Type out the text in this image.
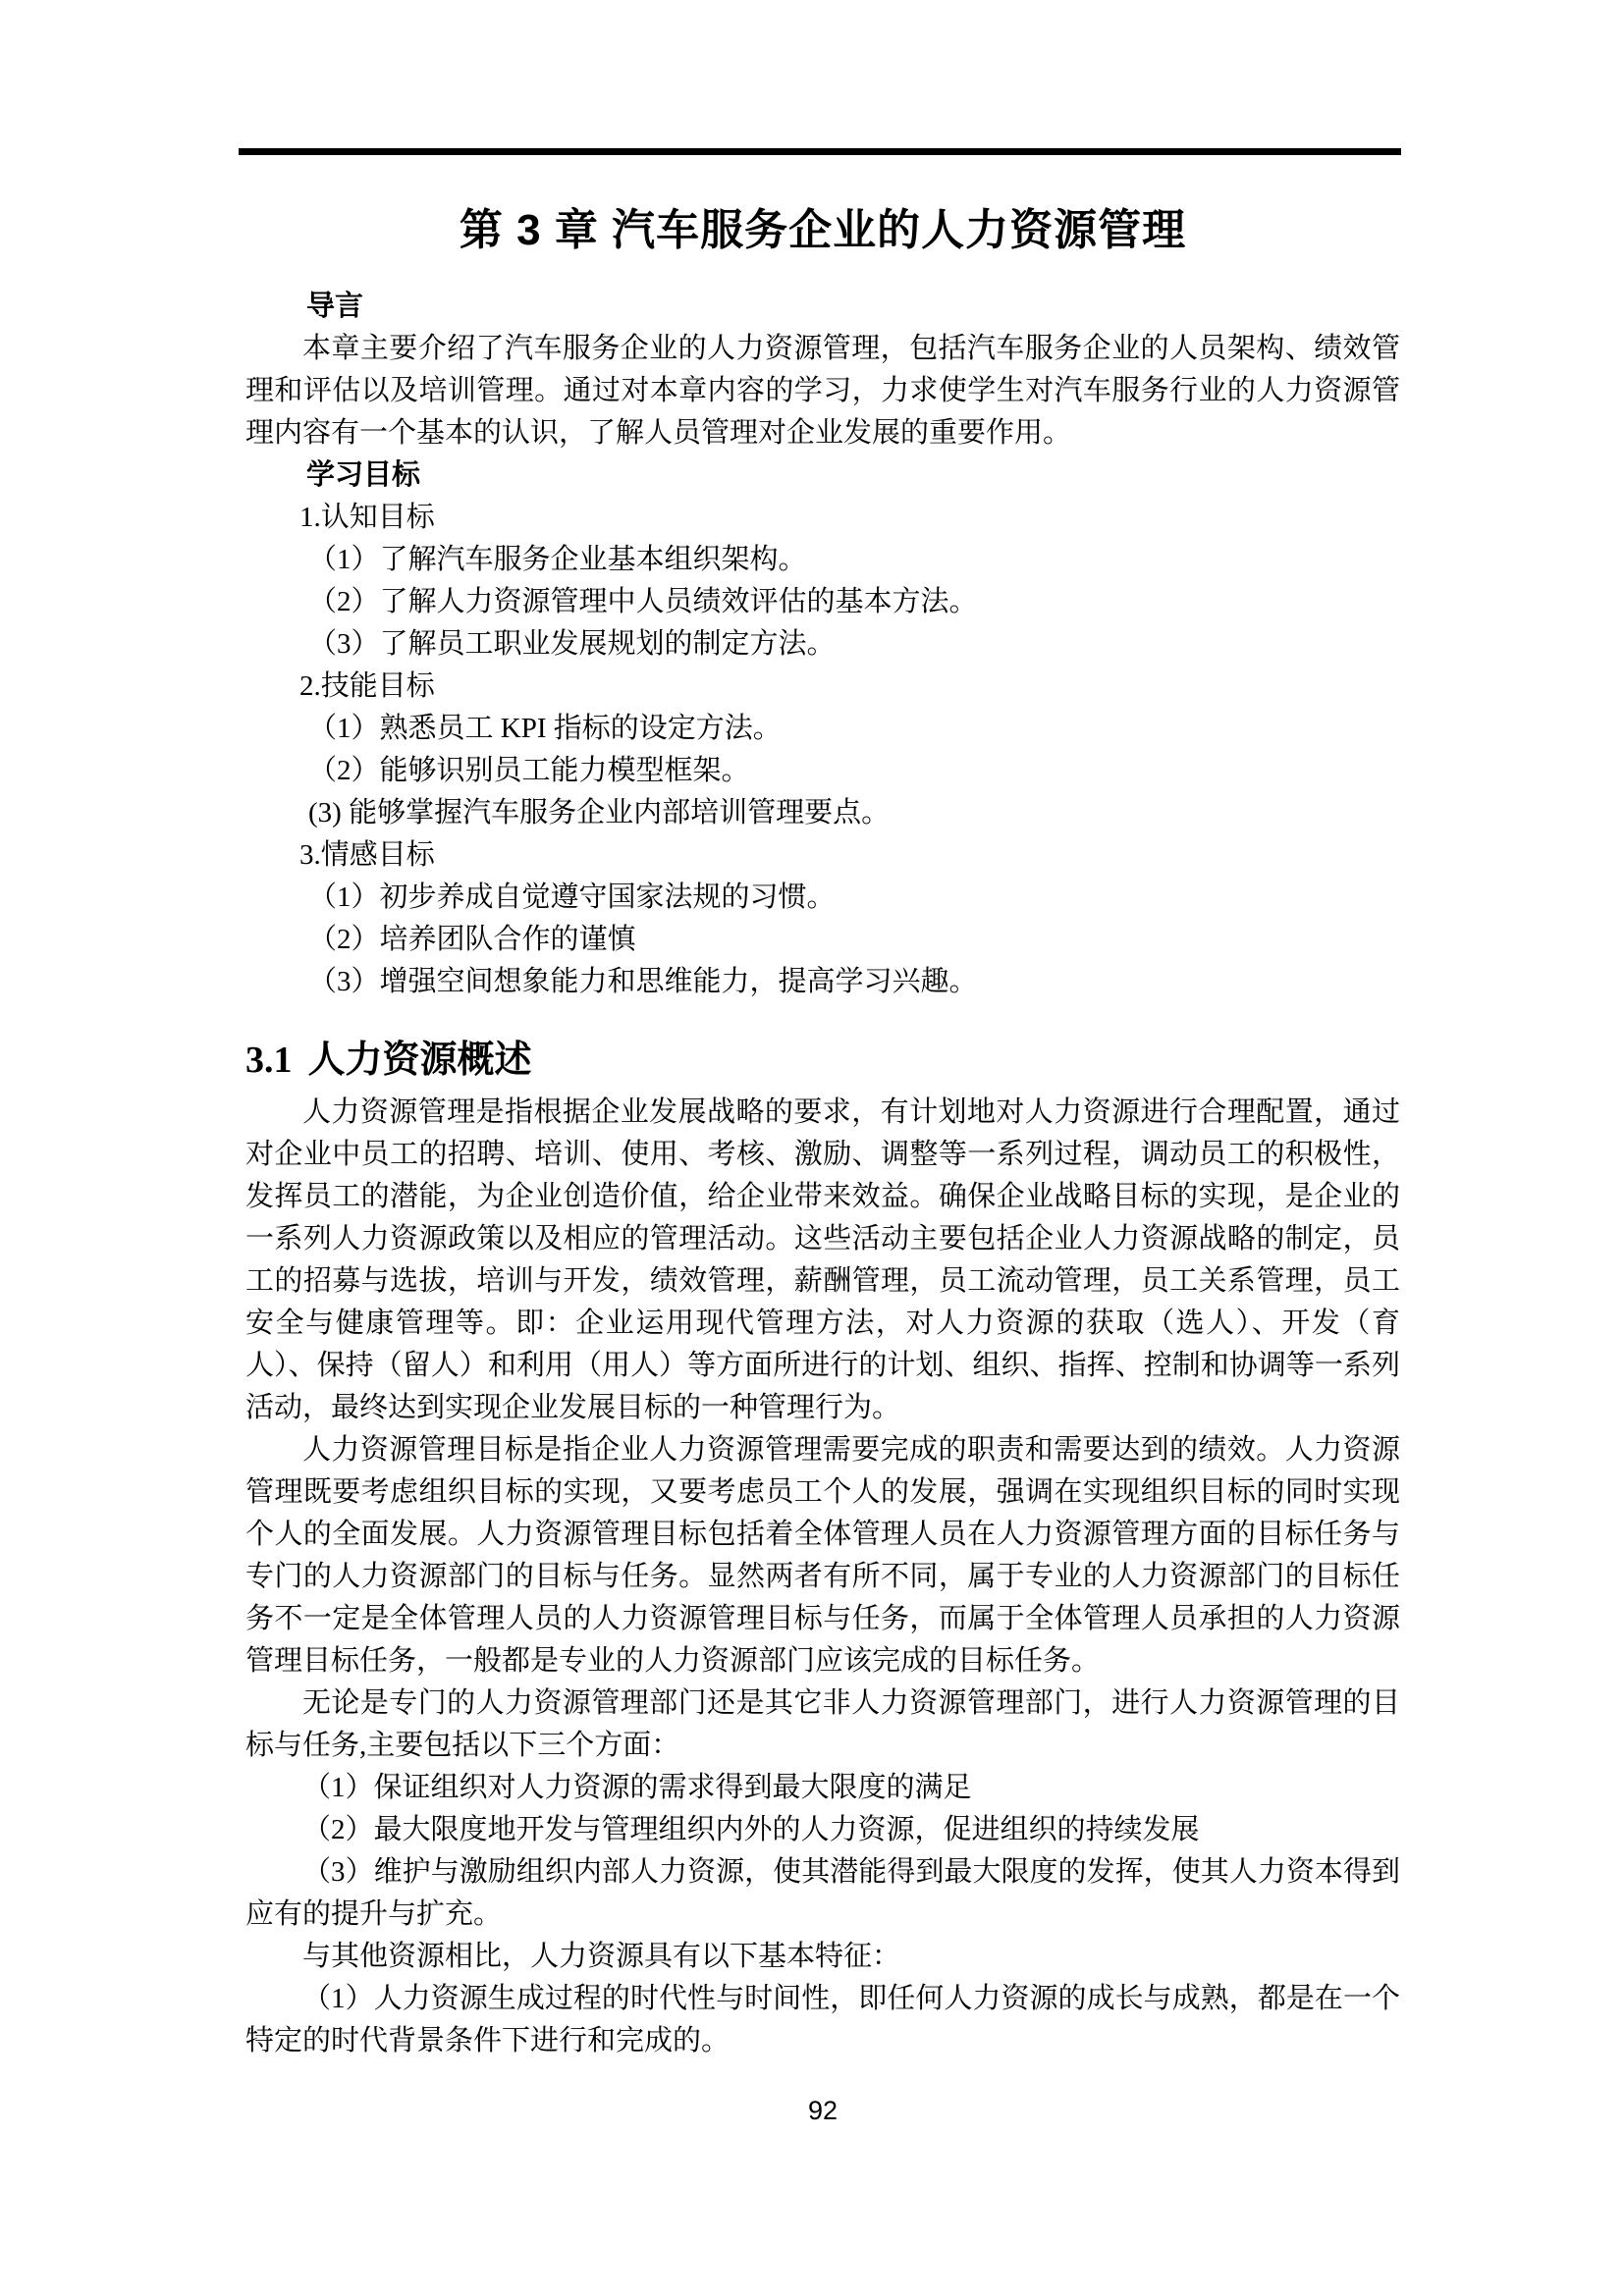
第 3 章 汽车服务企业的人力资源管理

导言

本章主要介绍了汽车服务企业的人力资源管理，包括汽车服务企业的人员架构、绩效管理和评估以及培训管理。通过对本章内容的学习，力求使学生对汽车服务行业的人力资源管理内容有一个基本的认识，了解人员管理对企业发展的重要作用。

学习目标

1.认知目标

（1）了解汽车服务企业基本组织架构。

（2）了解人力资源管理中人员绩效评估的基本方法。

（3）了解员工职业发展规划的制定方法。

2.技能目标

（1）熟悉员工 KPI 指标的设定方法。

（2）能够识别员工能力模型框架。

(3) 能够掌握汽车服务企业内部培训管理要点。

3.情感目标

（1）初步养成自觉遵守国家法规的习惯。

（2）培养团队合作的谨慎

（3）增强空间想象能力和思维能力，提高学习兴趣。

3.1 人力资源概述

人力资源管理是指根据企业发展战略的要求，有计划地对人力资源进行合理配置，通过对企业中员工的招聘、培训、使用、考核、激励、调整等一系列过程，调动员工的积极性，发挥员工的潜能，为企业创造价值，给企业带来效益。确保企业战略目标的实现，是企业的一系列人力资源政策以及相应的管理活动。这些活动主要包括企业人力资源战略的制定，员工的招募与选拔，培训与开发，绩效管理，薪酬管理，员工流动管理，员工关系管理，员工安全与健康管理等。即：企业运用现代管理方法，对人力资源的获取（选人）、开发（育人）、保持（留人）和利用（用人）等方面所进行的计划、组织、指挥、控制和协调等一系列活动，最终达到实现企业发展目标的一种管理行为。

人力资源管理目标是指企业人力资源管理需要完成的职责和需要达到的绩效。人力资源管理既要考虑组织目标的实现，又要考虑员工个人的发展，强调在实现组织目标的同时实现个人的全面发展。人力资源管理目标包括着全体管理人员在人力资源管理方面的目标任务与专门的人力资源部门的目标与任务。显然两者有所不同，属于专业的人力资源部门的目标任务不一定是全体管理人员的人力资源管理目标与任务，而属于全体管理人员承担的人力资源管理目标任务，一般都是专业的人力资源部门应该完成的目标任务。

无论是专门的人力资源管理部门还是其它非人力资源管理部门，进行人力资源管理的目标与任务,主要包括以下三个方面：

（1）保证组织对人力资源的需求得到最大限度的满足

（2）最大限度地开发与管理组织内外的人力资源，促进组织的持续发展

（3）维护与激励组织内部人力资源，使其潜能得到最大限度的发挥，使其人力资本得到应有的提升与扩充。

与其他资源相比，人力资源具有以下基本特征：

（1）人力资源生成过程的时代性与时间性，即任何人力资源的成长与成熟，都是在一个特定的时代背景条件下进行和完成的。

92
